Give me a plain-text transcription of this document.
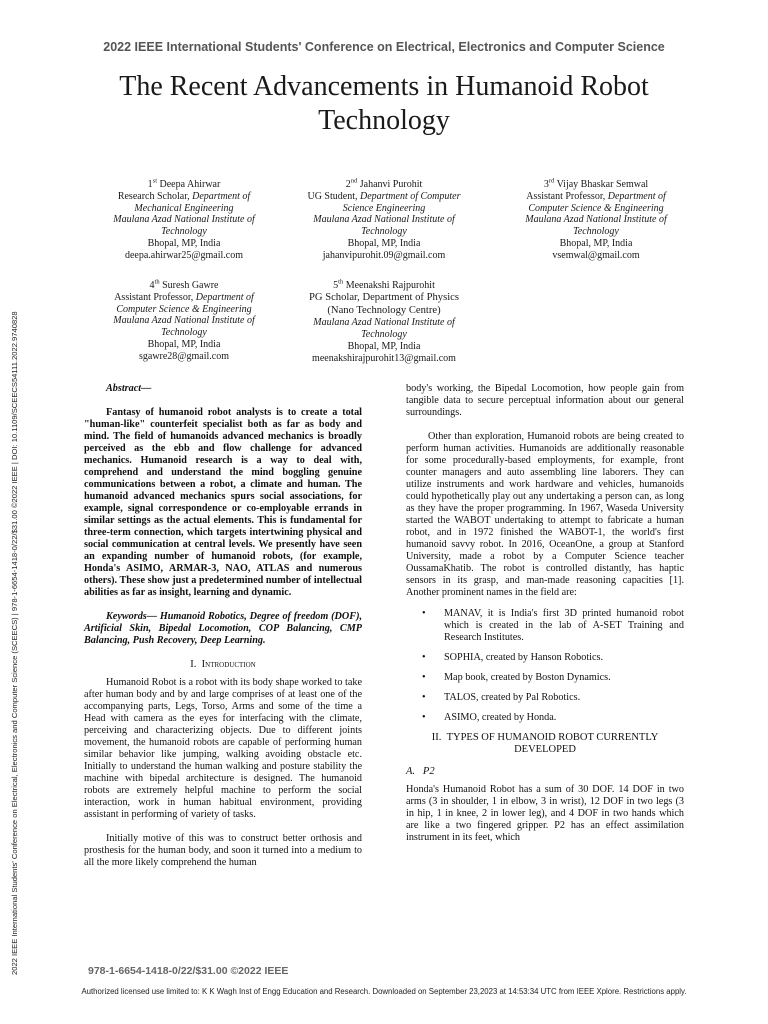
2022 IEEE International Students' Conference on Electrical, Electronics and Computer Science
The Recent Advancements in Humanoid Robot
Technology
2022 IEEE International Students' Conference on Electrical, Electronics and Computer Science (SCEECS) | 978-1-6654-1418-0/22/$31.00 ©2022 IEEE | DOI: 10.1109/SCEECS54111.2022.9740828
1st Deepa Ahirwar
Research Scholar, Department of
Mechanical Engineering
Maulana Azad National Institute of
Technology
Bhopal, MP, India
deepa.ahirwar25@gmail.com
2nd Jahanvi Purohit
UG Student, Department of Computer
Science Engineering
Maulana Azad National Institute of
Technology
Bhopal, MP, India
jahanvipurohit.09@gmail.com
3rd Vijay Bhaskar Semwal
Assistant Professor, Department of
Computer Science & Engineering
Maulana Azad National Institute of
Technology
Bhopal, MP, India
vsemwal@gmail.com
4th Suresh Gawre
Assistant Professor, Department of
Computer Science & Engineering
Maulana Azad National Institute of
Technology
Bhopal, MP, India
sgawre28@gmail.com
5th Meenakshi Rajpurohit
PG Scholar, Department of Physics
(Nano Technology Centre)
Maulana Azad National Institute of
Technology
Bhopal, MP, India
meenakshirajpurohit13@gmail.com

Abstract—

Fantasy of humanoid robot analysts is to create a total "human-like" counterfeit specialist both as far as body and mind. The field of humanoids advanced mechanics is broadly perceived as the ebb and flow challenge for advanced mechanics. Humanoid research is a way to deal with, comprehend and understand the mind boggling genuine communications between a robot, a climate and human. The humanoid advanced mechanics spurs social associations, for example, signal correspondence or co-employable errands in similar settings as the actual elements. This is fundamental for three-term connection, which targets intertwining physical and social communication at central levels. We presently have seen an expanding number of humanoid robots, (for example, Honda's ASIMO, ARMAR-3, NAO, ATLAS and numerous others). These show just a predetermined number of intellectual abilities as far as insight, learning and dynamic.

Keywords— Humanoid Robotics, Degree of freedom (DOF), Artificial Skin, Bipedal Locomotion, COP Balancing, CMP Balancing, Push Recovery, Deep Learning.

I. Introduction

Humanoid Robot is a robot with its body shape worked to take after human body and by and large comprises of at least one of the accompanying parts, Legs, Torso, Arms and some of the time a Head with camera as the eyes for interfacing with the climate, perceiving and characterizing objects. Due to different joints movement, the humanoid robots are capable of performing human similar behavior like jumping, walking avoiding obstacle etc. Initially to understand the human walking and posture stability the machine with bipedal architecture is designed. The humanoid robots are extremely helpful machine to perform the social interaction, work in human habitual environment, providing assistant in performing of variety of tasks.

Initially motive of this was to construct better orthosis and prosthesis for the human body, and soon it turned into a medium to all the more likely comprehend the human

body's working, the Bipedal Locomotion, how people gain from tangible data to secure perceptual information about our general surroundings.

Other than exploration, Humanoid robots are being created to perform human activities. Humanoids are additionally reasonable for some procedurally-based employments, for example, front counter managers and auto assembling line laborers. They can utilize instruments and work hardware and vehicles, humanoids could hypothetically play out any undertaking a person can, as long as they have the proper programming. In 1967, Waseda University started the WABOT undertaking to attempt to fabricate a human robot, and in 1972 finished the WABOT-1, the world's first humanoid savvy robot. In 2016, OceanOne, a group at Stanford University, made a robot by a Computer Science teacher OussamaKhatib. The robot is controlled distantly, has haptic sensors in its grasp, and man-made reasoning capacities [1]. Another prominent names in the field are:

• MANAV, it is India's first 3D printed humanoid robot which is created in the lab of A-SET Training and Research Institutes.
• SOPHIA, created by Hanson Robotics.
• Map book, created by Boston Dynamics.
• TALOS, created by Pal Robotics.
• ASIMO, created by Honda.

II. TYPES OF HUMANOID ROBOT CURRENTLY
DEVELOPED

A. P2

Honda's Humanoid Robot has a sum of 30 DOF. 14 DOF in two arms (3 in shoulder, 1 in elbow, 3 in wrist), 12 DOF in two legs (3 in hip, 1 in knee, 2 in lower leg), and 4 DOF in two hands which are like a two fingered gripper. P2 has an effect assimilation instrument in its feet, which

978-1-6654-1418-0/22/$31.00 ©2022 IEEE
Authorized licensed use limited to: K K Wagh Inst of Engg Education and Research. Downloaded on September 23,2023 at 14:53:34 UTC from IEEE Xplore. Restrictions apply.
